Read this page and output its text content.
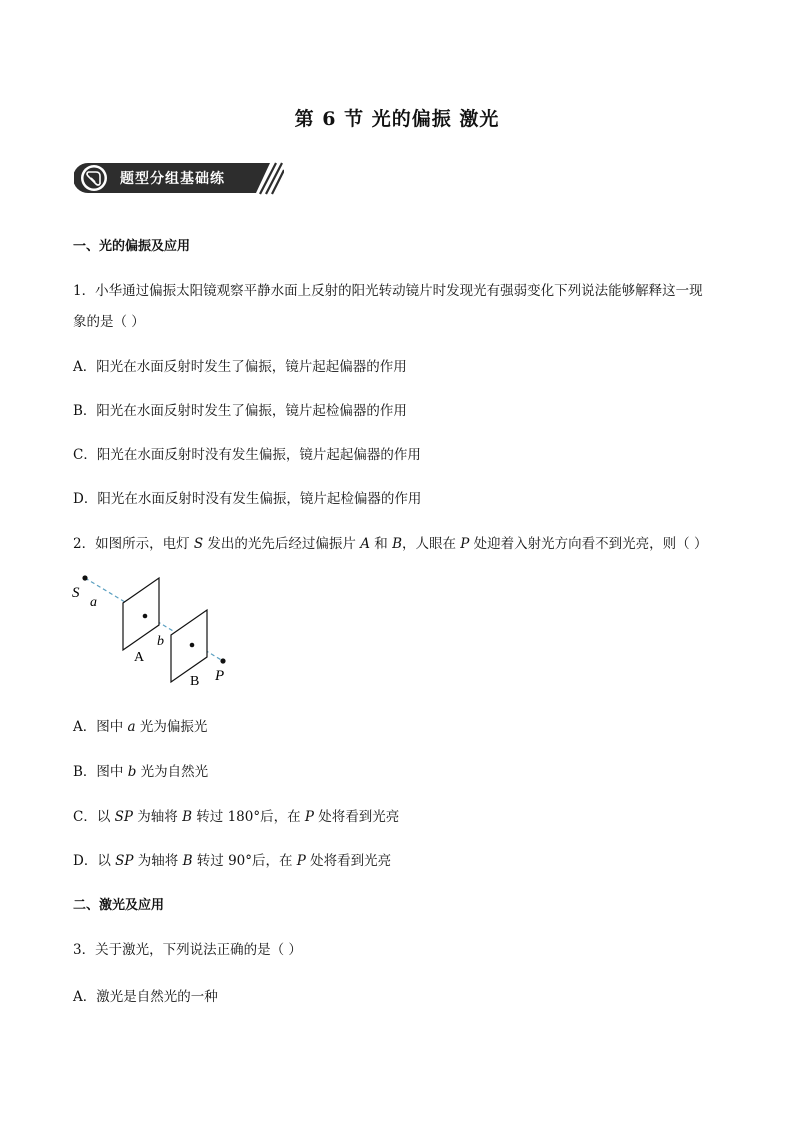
第 6 节 光的偏振 激光
题型分组基础练
一、光的偏振及应用
1．小华通过偏振太阳镜观察平静水面上反射的阳光转动镜片时发现光有强弱变化下列说法能够解释这一现
象的是（ ）
A．阳光在水面反射时发生了偏振，镜片起起偏器的作用
B．阳光在水面反射时发生了偏振，镜片起检偏器的作用
C．阳光在水面反射时没有发生偏振，镜片起起偏器的作用
D．阳光在水面反射时没有发生偏振，镜片起检偏器的作用
2．如图所示，电灯 S 发出的光先后经过偏振片 A 和 B，人眼在 P 处迎着入射光方向看不到光亮，则（ ）
S
a
b
A
B P
A．图中 a 光为偏振光
B．图中 b 光为自然光
C．以 SP 为轴将 B 转过 180°后，在 P 处将看到光亮
D．以 SP 为轴将 B 转过 90°后，在 P 处将看到光亮
二、激光及应用
3．关于激光，下列说法正确的是（ ）
A．激光是自然光的一种
